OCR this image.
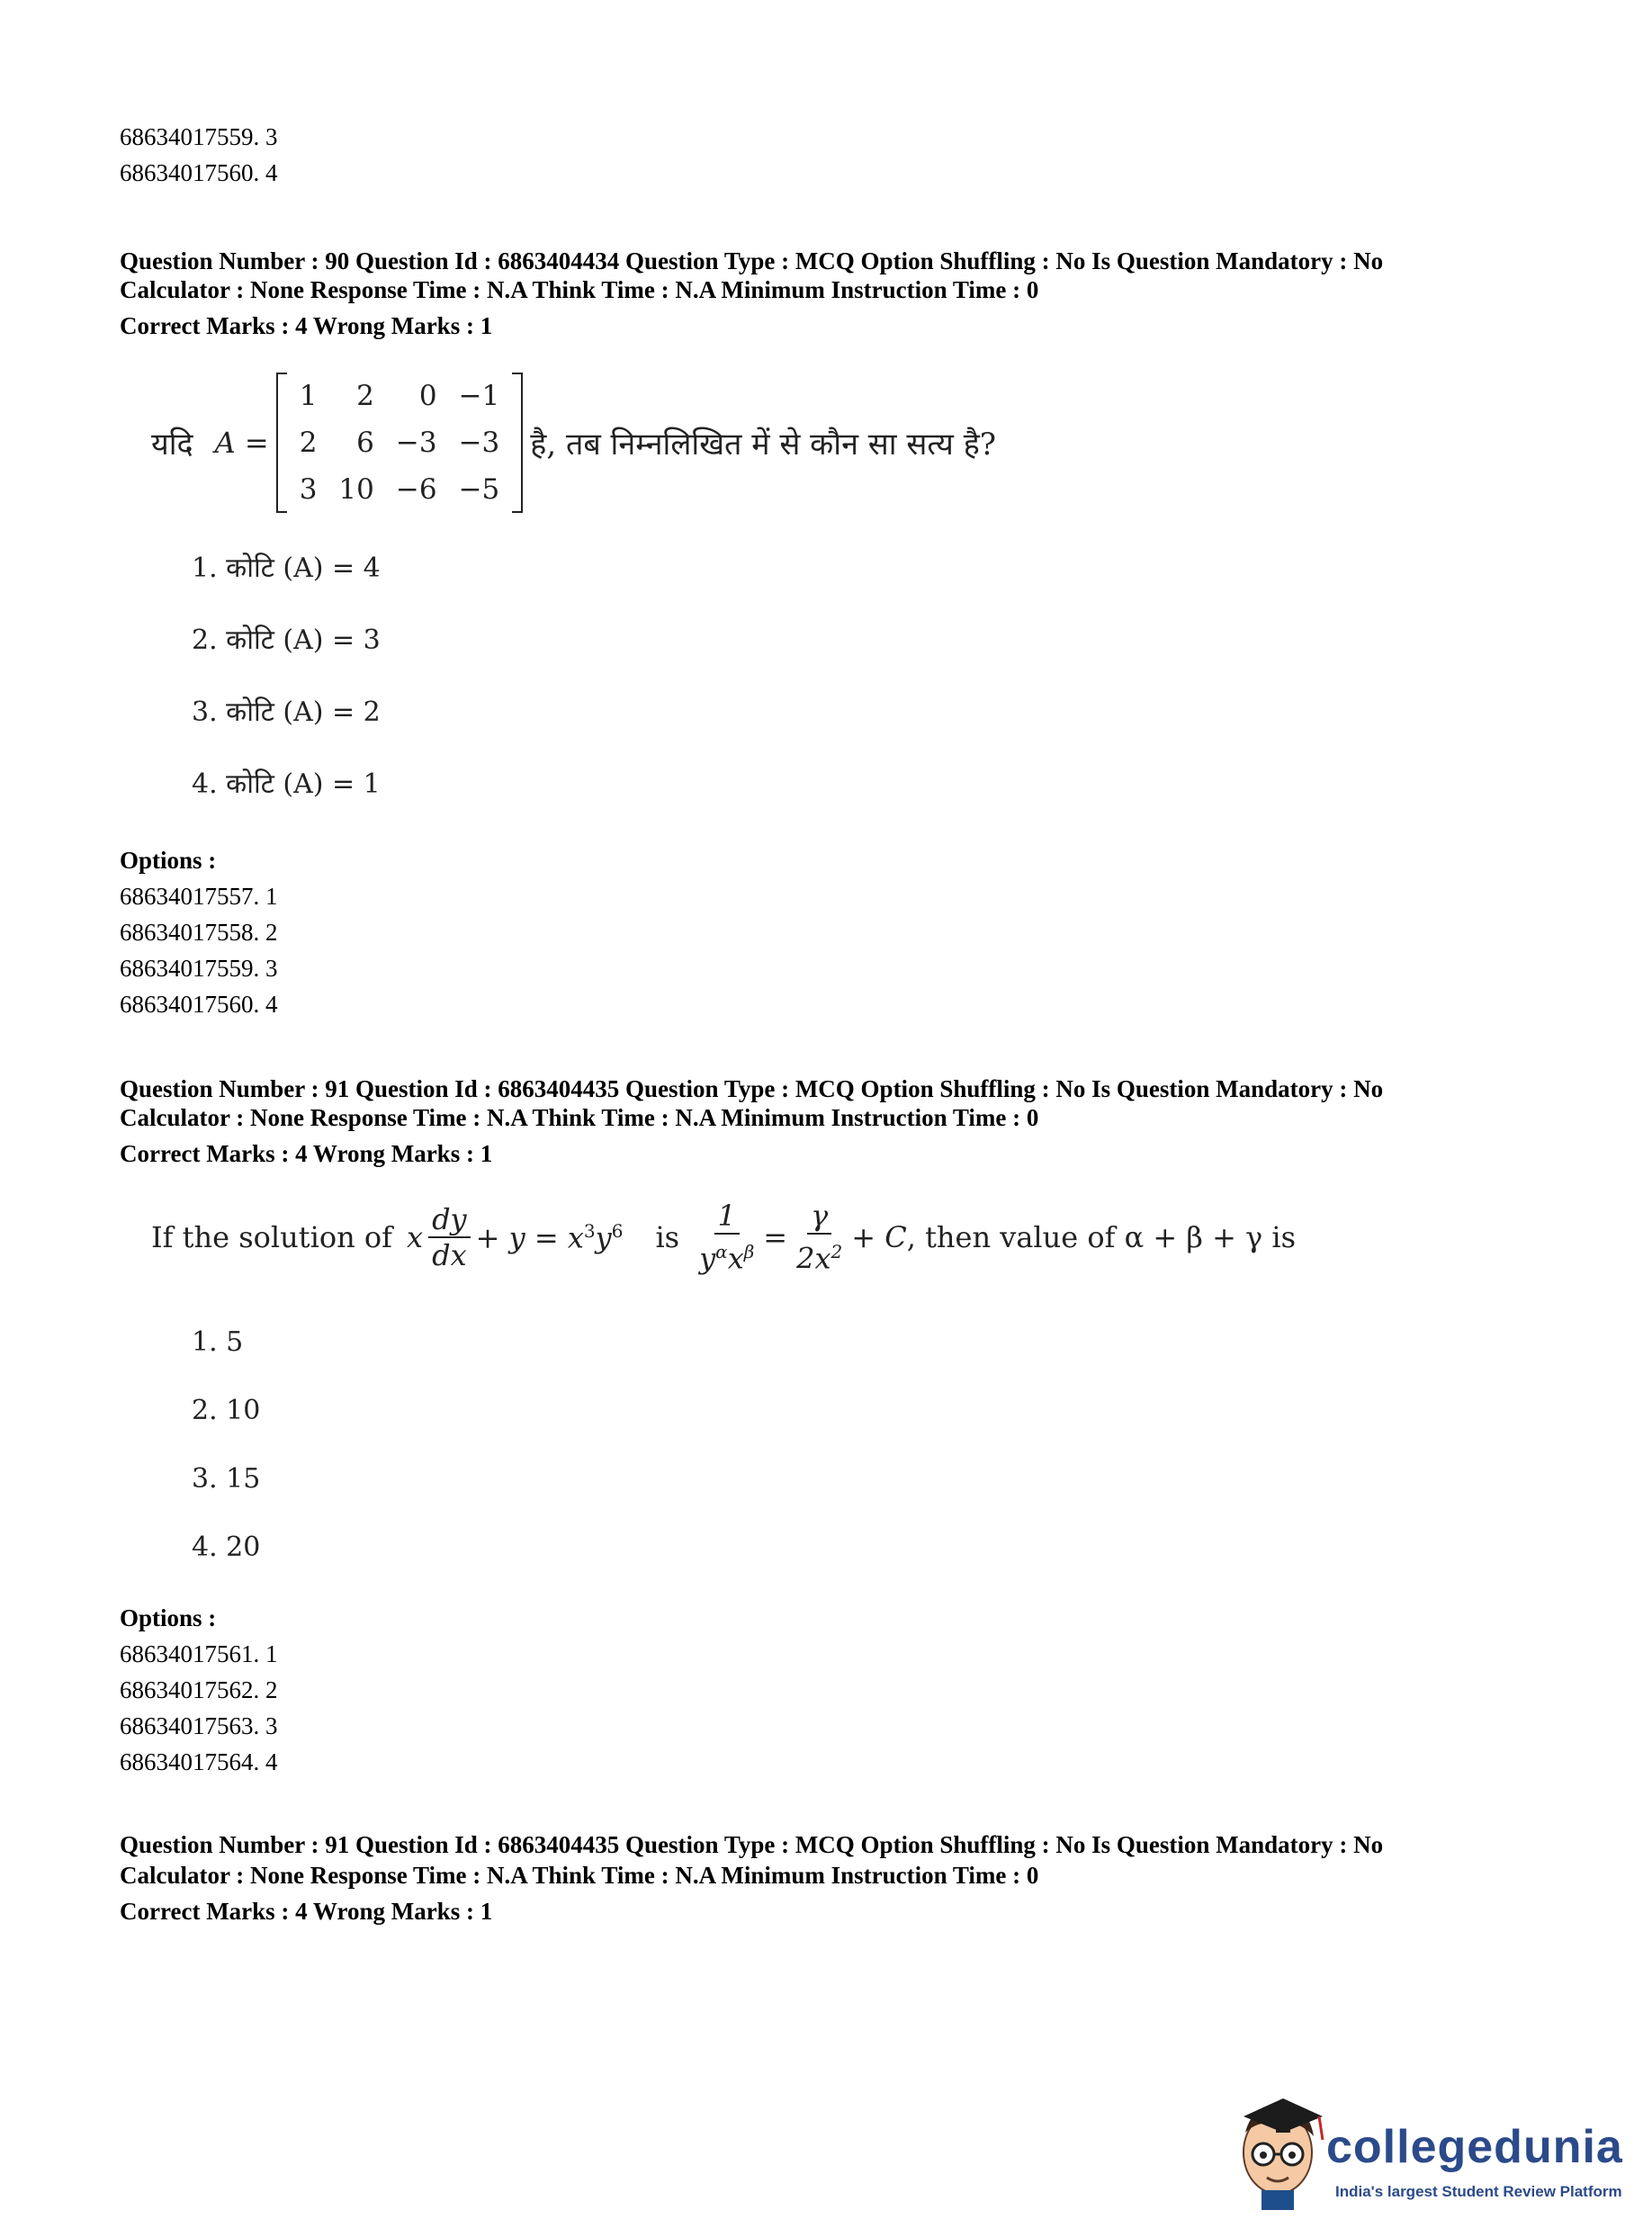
68634017559. 3
68634017560. 4
Question Number : 90 Question Id : 6863404434 Question Type : MCQ Option Shuffling : No Is Question Mandatory : No
Calculator : None Response Time : N.A Think Time : N.A Minimum Instruction Time : 0
Correct Marks : 4 Wrong Marks : 1
यदि A =
1	2	0	−1
2	6	−3	−3
3	10	−6	−5
है, तब निम्नलिखित में से कौन सा सत्य है?
1. कोटि (A) = 4
2. कोटि (A) = 3
3. कोटि (A) = 2
4. कोटि (A) = 1
Options :
68634017557. 1
68634017558. 2
68634017559. 3
68634017560. 4
Question Number : 91 Question Id : 6863404435 Question Type : MCQ Option Shuffling : No Is Question Mandatory : No
Calculator : None Response Time : N.A Think Time : N.A Minimum Instruction Time : 0
Correct Marks : 4 Wrong Marks : 1
If the solution of x $\frac{dy}{dx} + y = x^3y^6$ is $\frac{1}{y^\alpha x^\beta} = \frac{\gamma}{2x^2} + C$ , then value of α + β + γ is
1. 5
2. 10
3. 15
4. 20
Options :
68634017561. 1
68634017562. 2
68634017563. 3
68634017564. 4
Question Number : 91 Question Id : 6863404435 Question Type : MCQ Option Shuffling : No Is Question Mandatory : No
Calculator : None Response Time : N.A Think Time : N.A Minimum Instruction Time : 0
Correct Marks : 4 Wrong Marks : 1
collegedunia
India's largest Student Review Platform
